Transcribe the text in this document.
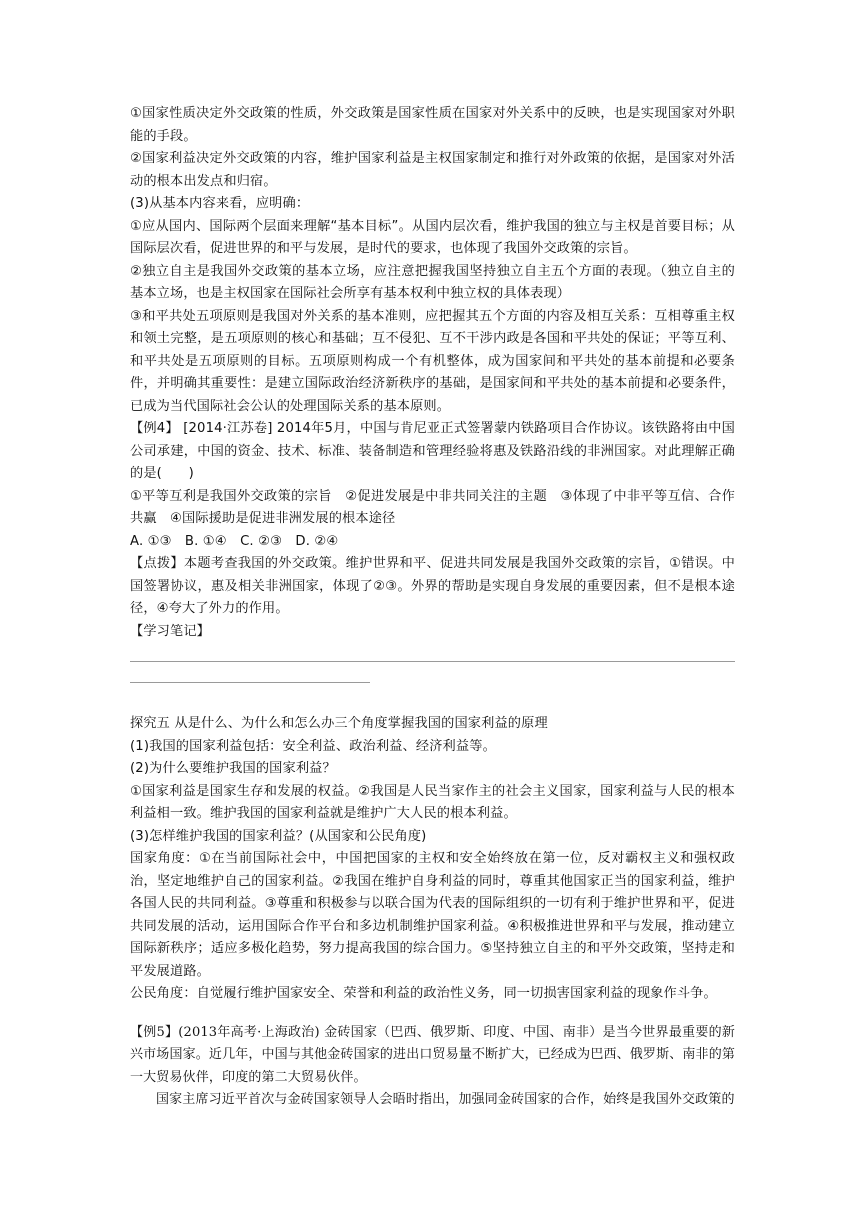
①国家性质决定外交政策的性质，外交政策是国家性质在国家对外关系中的反映，也是实现国家对外职能的手段。

②国家利益决定外交政策的内容，维护国家利益是主权国家制定和推行对外政策的依据，是国家对外活动的根本出发点和归宿。

(3)从基本内容来看，应明确：

①应从国内、国际两个层面来理解“基本目标”。从国内层次看，维护我国的独立与主权是首要目标；从国际层次看，促进世界的和平与发展，是时代的要求，也体现了我国外交政策的宗旨。

②独立自主是我国外交政策的基本立场，应注意把握我国坚持独立自主五个方面的表现。（独立自主的基本立场，也是主权国家在国际社会所享有基本权利中独立权的具体表现）

③和平共处五项原则是我国对外关系的基本准则，应把握其五个方面的内容及相互关系：互相尊重主权和领土完整，是五项原则的核心和基础；互不侵犯、互不干涉内政是各国和平共处的保证；平等互利、和平共处是五项原则的目标。五项原则构成一个有机整体，成为国家间和平共处的基本前提和必要条件，并明确其重要性：是建立国际政治经济新秩序的基础，是国家间和平共处的基本前提和必要条件，已成为当代国际社会公认的处理国际关系的基本原则。

【例4】 [2014·江苏卷] 2014年5月，中国与肯尼亚正式签署蒙内铁路项目合作协议。该铁路将由中国公司承建，中国的资金、技术、标准、装备制造和管理经验将惠及铁路沿线的非洲国家。对此理解正确的是(　　)

①平等互利是我国外交政策的宗旨　②促进发展是中非共同关注的主题　③体现了中非平等互信、合作共赢　④国际援助是促进非洲发展的根本途径

A. ①③　B. ①④　C. ②③　D. ②④

【点拨】本题考查我国的外交政策。维护世界和平、促进共同发展是我国外交政策的宗旨，①错误。中国签署协议，惠及相关非洲国家，体现了②③。外界的帮助是实现自身发展的重要因素，但不是根本途径，④夸大了外力的作用。

【学习笔记】

探究五 从是什么、为什么和怎么办三个角度掌握我国的国家利益的原理

(1)我国的国家利益包括：安全利益、政治利益、经济利益等。

(2)为什么要维护我国的国家利益？

①国家利益是国家生存和发展的权益。②我国是人民当家作主的社会主义国家，国家利益与人民的根本利益相一致。维护我国的国家利益就是维护广大人民的根本利益。

(3)怎样维护我国的国家利益？(从国家和公民角度)

国家角度：①在当前国际社会中，中国把国家的主权和安全始终放在第一位，反对霸权主义和强权政治，坚定地维护自己的国家利益。②我国在维护自身利益的同时，尊重其他国家正当的国家利益，维护各国人民的共同利益。③尊重和积极参与以联合国为代表的国际组织的一切有利于维护世界和平，促进共同发展的活动，运用国际合作平台和多边机制维护国家利益。④积极推进世界和平与发展，推动建立国际新秩序；适应多极化趋势，努力提高我国的综合国力。⑤坚持独立自主的和平外交政策，坚持走和平发展道路。

公民角度：自觉履行维护国家安全、荣誉和利益的政治性义务，同一切损害国家利益的现象作斗争。

【例5】(2013年高考·上海政治) 金砖国家（巴西、俄罗斯、印度、中国、南非）是当今世界最重要的新兴市场国家。近几年，中国与其他金砖国家的进出口贸易量不断扩大，已经成为巴西、俄罗斯、南非的第一大贸易伙伴，印度的第二大贸易伙伴。

国家主席习近平首次与金砖国家领导人会晤时指出，加强同金砖国家的合作，始终是我国外交政策的
